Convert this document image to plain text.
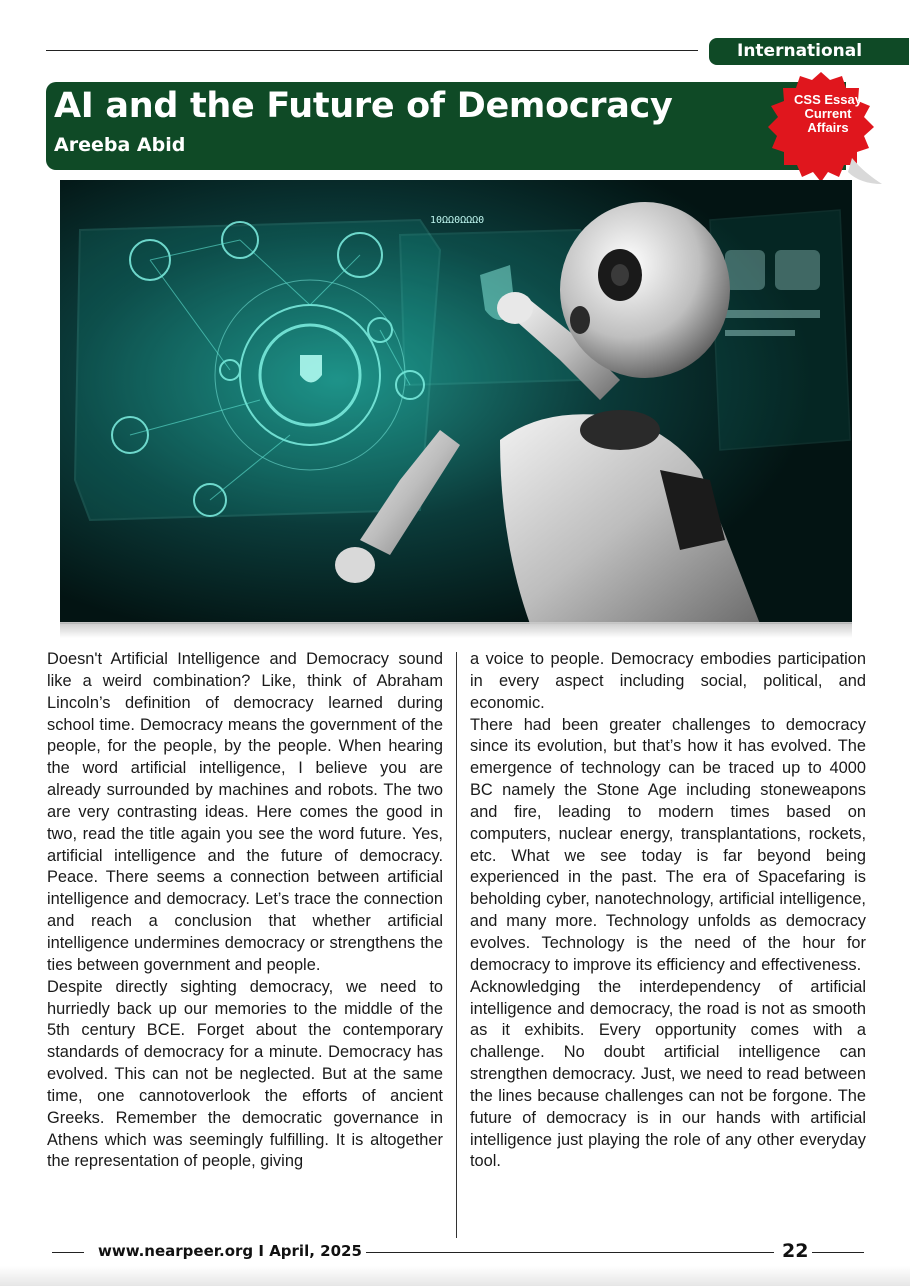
International
AI and the Future of Democracy
Areeba Abid
CSS Essay
Current
Affairs
10ΩΩ0ΩΩΩ0

Doesn't Artificial Intelligence and Democracy sound like a weird combination? Like, think of Abraham Lincoln’s definition of democracy learned during school time. Democracy means the government of the people, for the people, by the people. When hearing the word artificial intelligence, I believe you are already surrounded by machines and robots. The two are very contrasting ideas. Here comes the good in two, read the title again you see the word future. Yes, artificial intelligence and the future of democracy. Peace. There seems a connection between artificial intelligence and democracy. Let’s trace the connection and reach a conclusion that whether artificial intelligence undermines democracy or strengthens the ties between government and people.

Despite directly sighting democracy, we need to hurriedly back up our memories to the middle of the 5th century BCE. Forget about the contemporary standards of democracy for a minute. Democracy has evolved. This can not be neglected. But at the same time, one cannotoverlook the efforts of ancient Greeks. Remember the democratic governance in Athens which was seemingly fulfilling. It is altogether the representation of people, giving

a voice to people. Democracy embodies participation in every aspect including social, political, and economic.

There had been greater challenges to democracy since its evolution, but that’s how it has evolved. The emergence of technology can be traced up to 4000 BC namely the Stone Age including stoneweapons and fire, leading to modern times based on computers, nuclear energy, transplantations, rockets, etc. What we see today is far beyond being experienced in the past. The era of Spacefaring is beholding cyber, nanotechnology, artificial intelligence, and many more. Technology unfolds as democracy evolves. Technology is the need of the hour for democracy to improve its efficiency and effectiveness.

Acknowledging the interdependency of artificial intelligence and democracy, the road is not as smooth as it exhibits. Every opportunity comes with a challenge. No doubt artificial intelligence can strengthen democracy. Just, we need to read between the lines because challenges can not be forgone. The future of democracy is in our hands with artificial intelligence just playing the role of any other everyday tool.

www.nearpeer.org I April, 2025	22
